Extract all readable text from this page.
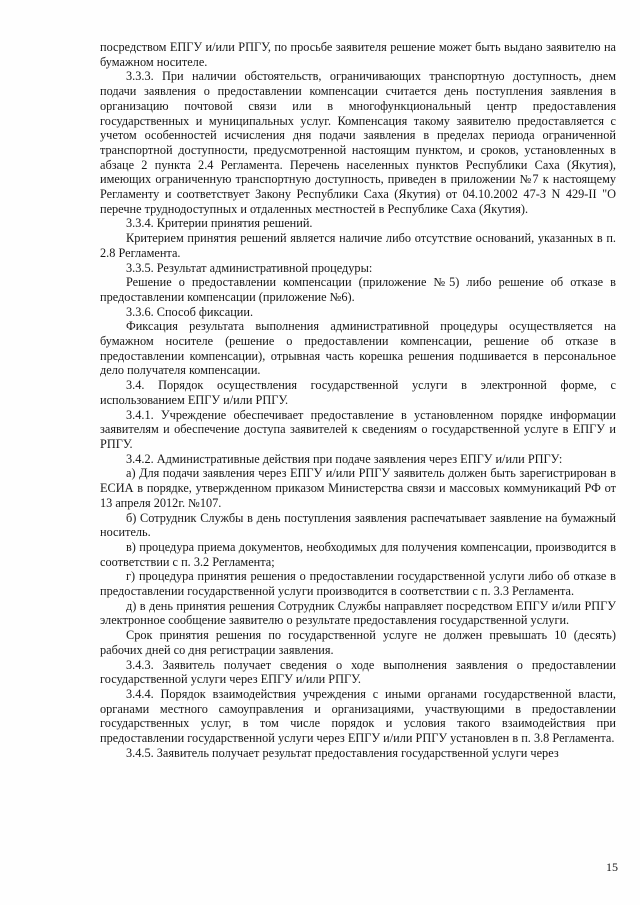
посредством ЕПГУ и/или РПГУ, по просьбе заявителя решение может быть выдано заявителю на бумажном носителе.

3.3.3. При наличии обстоятельств, ограничивающих транспортную доступность, днем подачи заявления о предоставлении компенсации считается день поступления заявления в организацию почтовой связи или в многофункциональный центр предоставления государственных и муниципальных услуг. Компенсация такому заявителю предоставляется с учетом особенностей исчисления дня подачи заявления в пределах периода ограниченной транспортной доступности, предусмотренной настоящим пунктом, и сроков, установленных в абзаце 2 пункта 2.4 Регламента. Перечень населенных пунктов Республики Саха (Якутия), имеющих ограниченную транспортную доступность, приведен в приложении №7 к настоящему Регламенту и соответствует Закону Республики Саха (Якутия) от 04.10.2002 47-З N 429-II "О перечне труднодоступных и отдаленных местностей в Республике Саха (Якутия).

3.3.4. Критерии принятия решений.

Критерием принятия решений является наличие либо отсутствие оснований, указанных в п. 2.8 Регламента.

3.3.5. Результат административной процедуры:

Решение о предоставлении компенсации (приложение №5) либо решение об отказе в предоставлении компенсации (приложение №6).

3.3.6. Способ фиксации.

Фиксация результата выполнения административной процедуры осуществляется на бумажном носителе (решение о предоставлении компенсации, решение об отказе в предоставлении компенсации), отрывная часть корешка решения подшивается в персональное дело получателя компенсации.

3.4. Порядок осуществления государственной услуги в электронной форме, с использованием ЕПГУ и/или РПГУ.

3.4.1. Учреждение обеспечивает предоставление в установленном порядке информации заявителям и обеспечение доступа заявителей к сведениям о государственной услуге в ЕПГУ и РПГУ.

3.4.2. Административные действия при подаче заявления через ЕПГУ и/или РПГУ:

а) Для подачи заявления через ЕПГУ и/или РПГУ заявитель должен быть зарегистрирован в ЕСИА в порядке, утвержденном приказом Министерства связи и массовых коммуникаций РФ от 13 апреля 2012г. №107.

б) Сотрудник Службы в день поступления заявления распечатывает заявление на бумажный носитель.

в) процедура приема документов, необходимых для получения компенсации, производится в соответствии с п. 3.2 Регламента;

г) процедура принятия решения о предоставлении государственной услуги либо об отказе в предоставлении государственной услуги производится в соответствии с п. 3.3 Регламента.

д) в день принятия решения Сотрудник Службы направляет посредством ЕПГУ и/или РПГУ электронное сообщение заявителю о результате предоставления государственной услуги.

Срок принятия решения по государственной услуге не должен превышать 10 (десять) рабочих дней со дня регистрации заявления.

3.4.3. Заявитель получает сведения о ходе выполнения заявления о предоставлении государственной услуги через ЕПГУ и/или РПГУ.

3.4.4. Порядок взаимодействия учреждения с иными органами государственной власти, органами местного самоуправления и организациями, участвующими в предоставлении государственных услуг, в том числе порядок и условия такого взаимодействия при предоставлении государственной услуги через ЕПГУ и/или РПГУ установлен в п. 3.8 Регламента.

3.4.5. Заявитель получает результат предоставления государственной услуги через

15
